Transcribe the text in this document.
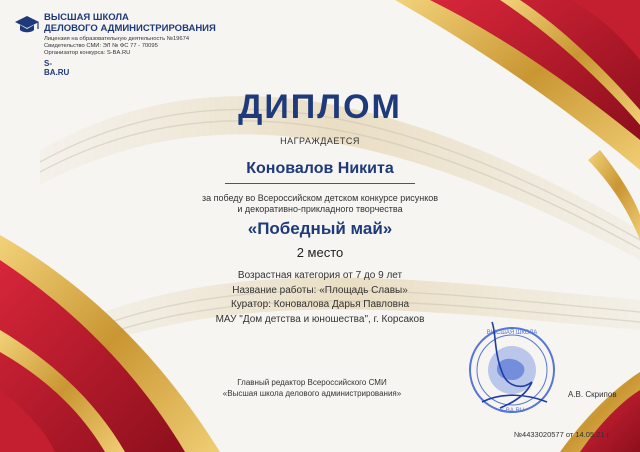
ВЫСШАЯ ШКОЛА
ДЕЛОВОГО АДМИНИСТРИРОВАНИЯ
Лицензия на образовательную деятельность №19674
Свидетельство СМИ: ЭЛ № ФС 77 - 70095
Организатор конкурса: S-BA.RU
S-BA.RU
ДИПЛОМ
НАГРАЖДАЕТСЯ
Коновалов Никита
за победу во Всероссийском детском конкурсе рисунков
и декоративно-прикладного творчества
«Победный май»
2 место
Возрастная категория от 7 до 9 лет
Название работы: «Площадь Славы»
Куратор: Коновалова Дарья Павловна
МАУ "Дом детства и юношества", г. Корсаков
ВЫСШАЯ ШКОЛА
S-BA.RU
Главный редактор Всероссийского СМИ
«Высшая школа делового администрирования»	А.В. Скрипов
№4433020577 от 14.05.21 г.
